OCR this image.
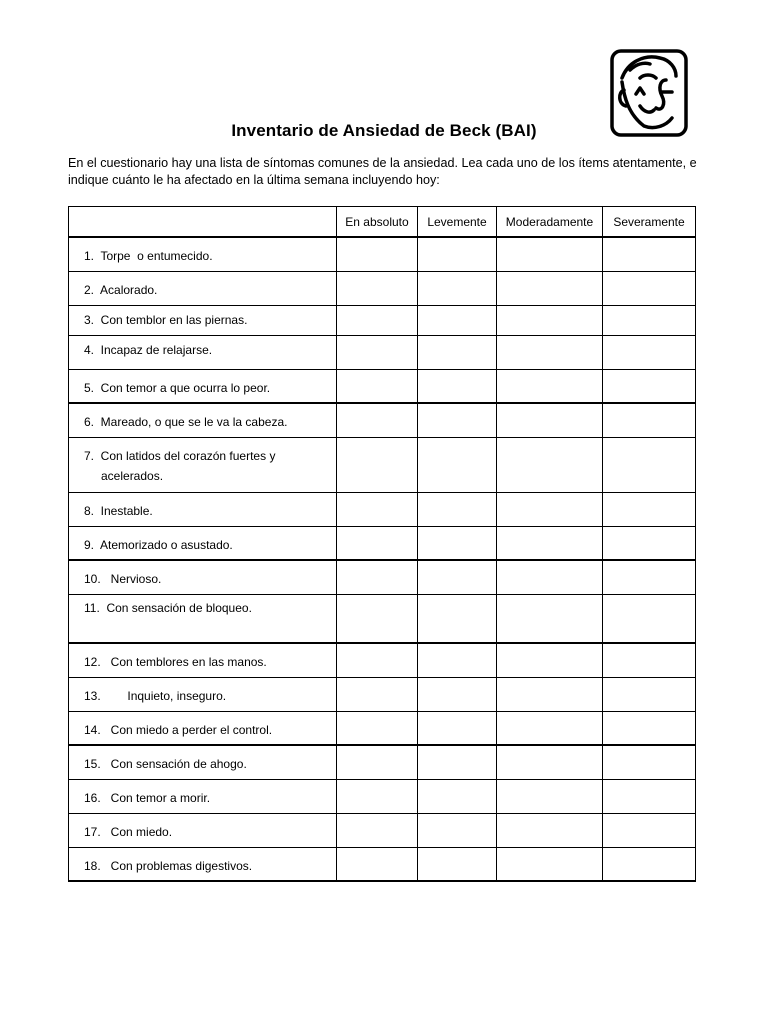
Inventario de Ansiedad de Beck (BAI)

En el cuestionario hay una lista de síntomas comunes de la ansiedad. Lea cada uno de los ítems atentamente, e
indique cuánto le ha afectado en la última semana incluyendo hoy:

	En absoluto	Levemente	Moderadamente	Severamente
1.  Torpe  o entumecido.				
2.  Acalorado.				
3.  Con temblor en las piernas.				
4.  Incapaz de relajarse.				
5.  Con temor a que ocurra lo peor.				
6.  Mareado, o que se le va la cabeza.				
7.  Con latidos del corazón fuertes y
acelerados.				
8.  Inestable.				
9.  Atemorizado o asustado.				
10.   Nervioso.				
11.  Con sensación de bloqueo.				
12.   Con temblores en las manos.				
13.        Inquieto, inseguro.				
14.   Con miedo a perder el control.				
15.   Con sensación de ahogo.				
16.   Con temor a morir.				
17.   Con miedo.				
18.   Con problemas digestivos.				
